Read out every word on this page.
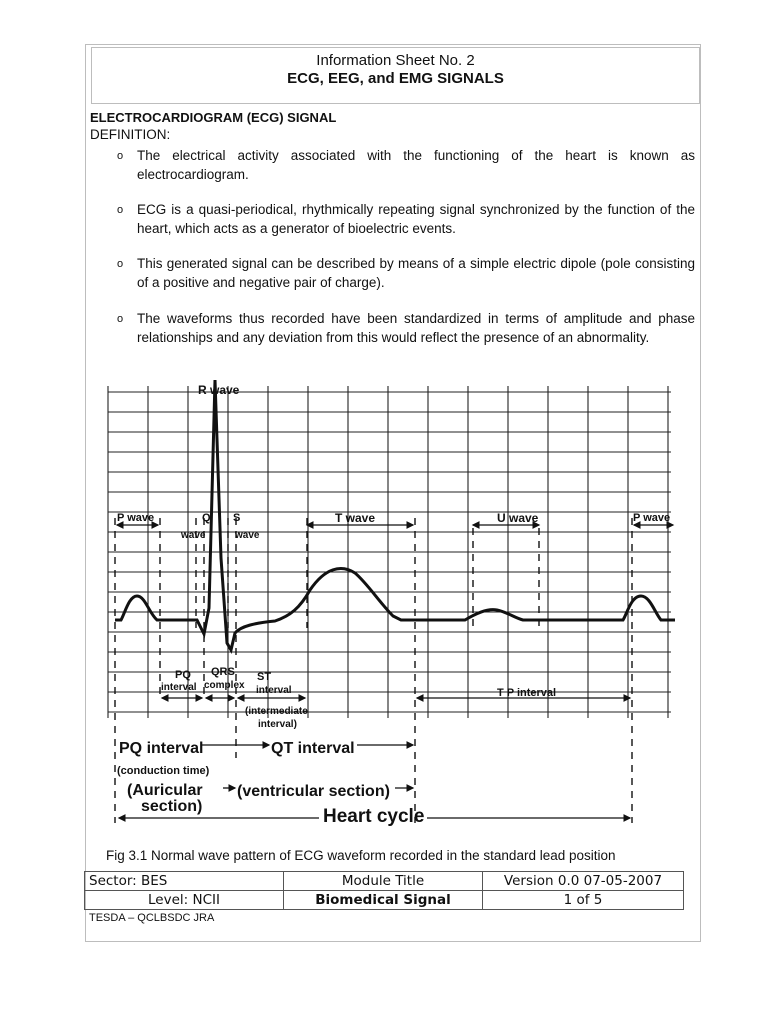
Information Sheet No. 2
ECG, EEG, and EMG SIGNALS
ELECTROCARDIOGRAM (ECG) SIGNAL
DEFINITION:
o The electrical activity associated with the functioning of the heart is known as electrocardiogram.
o ECG is a quasi-periodical, rhythmically repeating signal synchronized by the function of the heart, which acts as a generator of bioelectric events.
o This generated signal can be described by means of a simple electric dipole (pole consisting of a positive and negative pair of charge).
o The waveforms thus recorded have been standardized in terms of amplitude and phase relationships and any deviation from this would reflect the presence of an abnormality.
R wave
P wave	Q
wave
S
wave
T wave	U wave	P wave
PQ
interval
QRS
complex
ST
interval
(intermediate
interval)
T P interval
PQ interval	QT interval
(conduction time)
(Auricular
section)
(ventricular section)
Heart cycle
Fig 3.1 Normal wave pattern of ECG waveform recorded in the standard lead position
Sector: BES	Module Title	Version 0.0 07-05-2007
Level: NCII	Biomedical Signal	1 of 5
TESDA – QCLBSDC JRA
